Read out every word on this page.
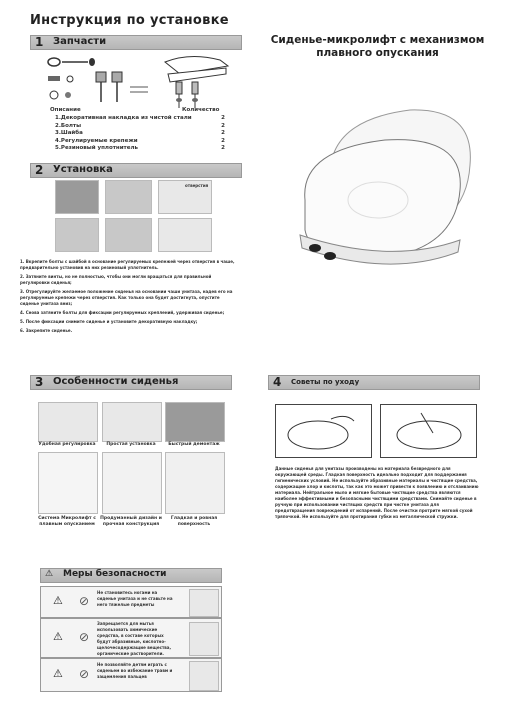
Инструкция по установке
1 Запчасти
Описание	Количество
1.Декоративная накладка из чистой стали	2
2.Болты	2
3.Шайба	2
4.Регулируемые крепежи	2
5.Резиновый уплотнитель	2
2 Установка
отверстия
1. Вкрепите болты с шайбой в основание регулируемых крепежей через отверстия в чаше, предварительно установив на них резиновый уплотнитель.
2. Затяните винты, но не полностью, чтобы они могли вращаться для правильной регулировки сиденья;
3. Отрегулируйте желаемое положение сиденья на основании чаши унитаза, надев его на регулируемые крепежи через отверстия. Как только она будет достигнута, опустите сиденье унитаза вниз;
4. Снова затяните болты для фиксации регулируемых креплений, удерживая сиденье;
5. После фиксации снимите сиденье и установите декоративную накладку;
6. Закрепите сиденье.
Сиденье-микролифт с механизмом плавного опускания
3 Особенности сиденья
Удобная регулировка	Простая установка	Быстрый демонтаж
Система Микролифт с плавным опусканием
Продуманный дизайн и прочная конструкция
Гладкая и ровная поверхность
4 Советы по уходу
Данные сиденья для унитазы производены из материала безвредного для окружающей среды. Гладкая поверхность идеально подходит для поддержания гигиенических условий. Не используйте абразивные материалы и чистящие средства, содержащие хлор и кислоты, так как это может привести к появлению и отслаиванию материала. Нейтральное мыло и мягкие бытовые чистящие средства являются наиболее эффективными и безопасными чистящими средствами. Снимайте сиденье в ручную при использовании чистящих средств при чистке унитаза для предотвращения повреждений от испарений. После очистки протрите мягкой сухой тряпочкой. Не используйте для протирания губки из металлической стружки.
⚠ Меры безопасности
⚠ ⊘
Не становитесь ногами на сиденье унитаза и не ставьте на него тяжелые предметы
⚠ ⊘
Запрещается для мытья использовать химические средства, в составе которых будут абразивные, кислотно-щелочесодержащие вещества, органические растворители.
⚠ ⊘
Не позволяйте детям играть с сиденьем во избежание травм и защемления пальцев
